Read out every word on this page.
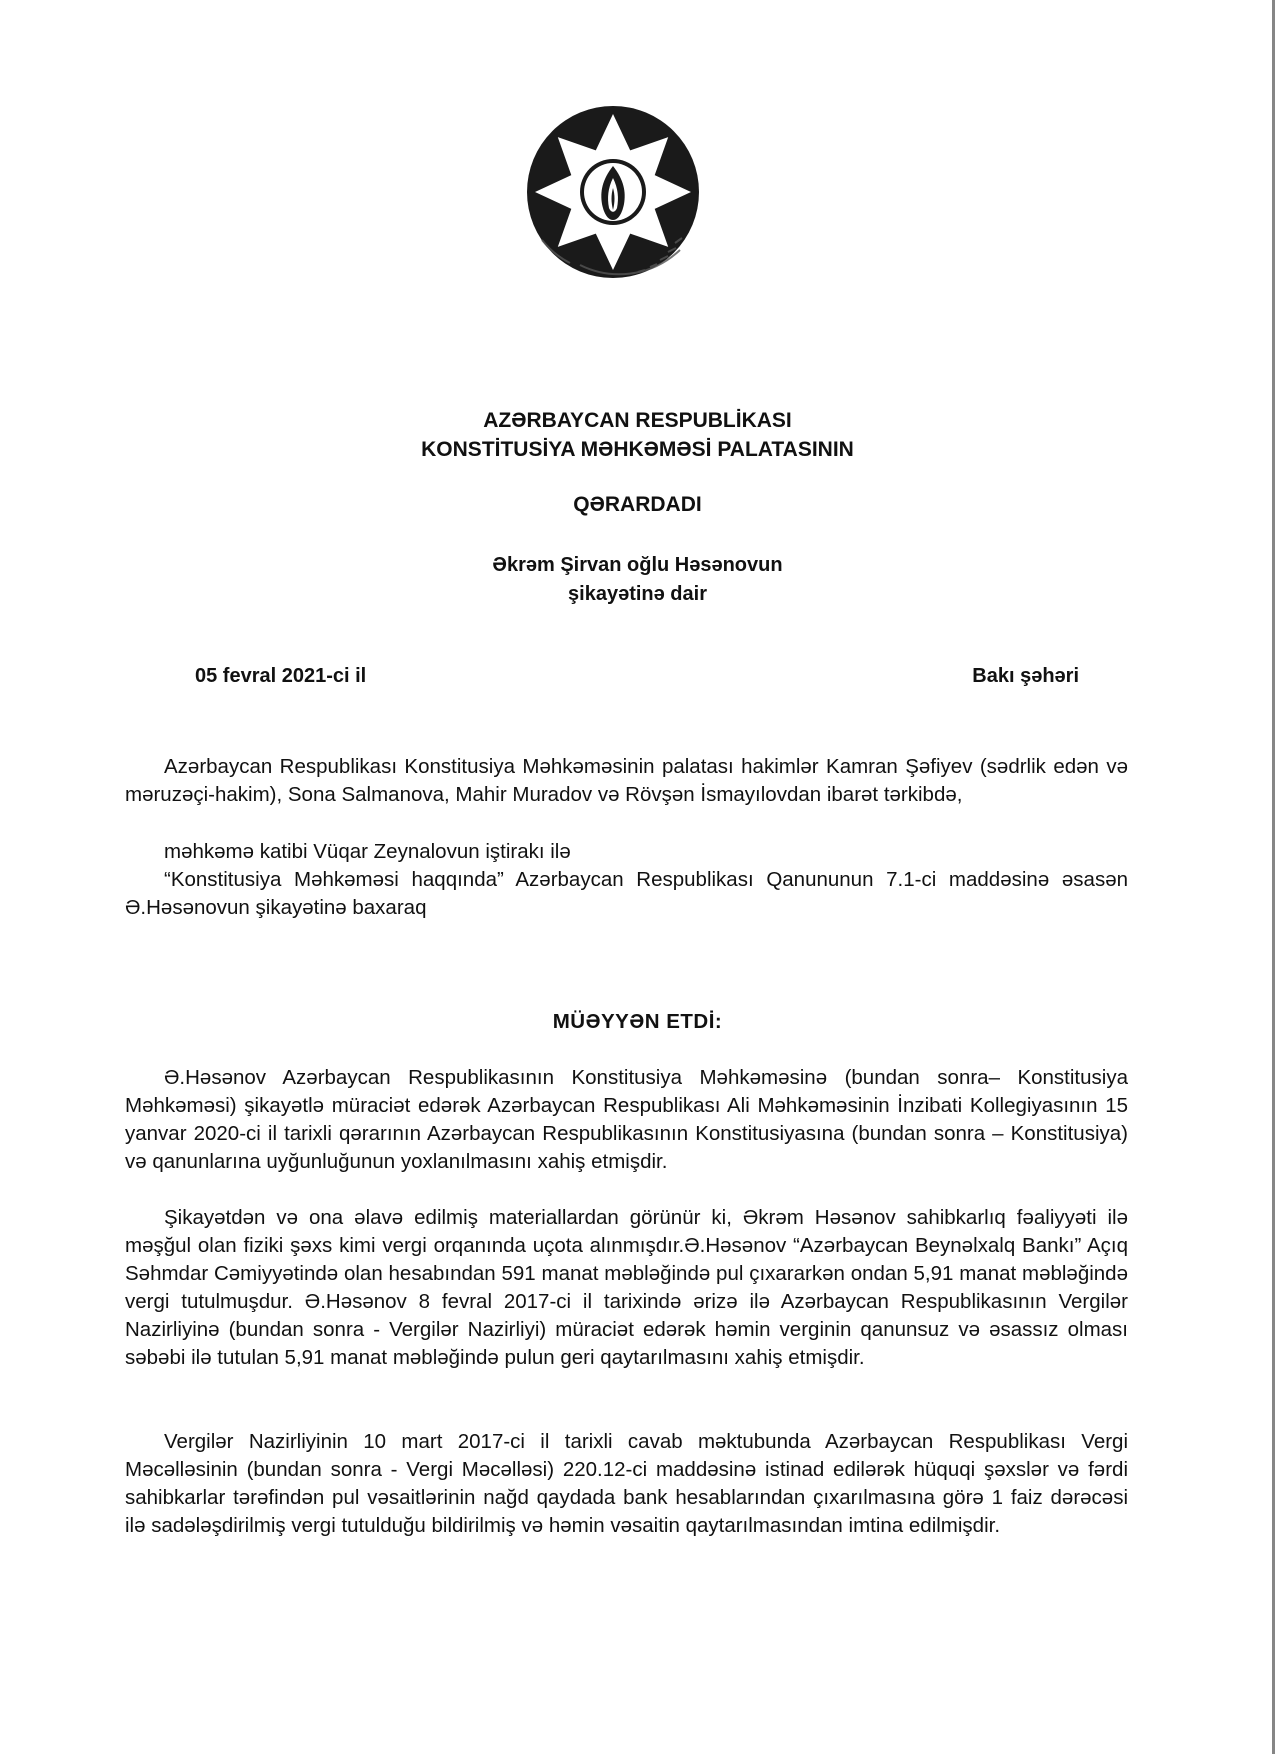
AZƏRBAYCAN RESPUBLİKASI
KONSTİTUSİYA MƏHKƏMƏSİ PALATASININ
QƏRARDADI
Əkrəm Şirvan oğlu Həsənovun
şikayətinə dair
05 fevral 2021-ci il	Bakı şəhəri

Azərbaycan Respublikası Konstitusiya Məhkəməsinin palatası hakimlər Kamran Şəfiyev (sədrlik edən və məruzəçi-hakim), Sona Salmanova, Mahir Muradov və Rövşən İsmayılovdan ibarət tərkibdə,

məhkəmə katibi Vüqar Zeynalovun iştirakı ilə

“Konstitusiya Məhkəməsi haqqında” Azərbaycan Respublikası Qanununun 7.1-ci maddəsinə əsasən Ə.Həsənovun şikayətinə baxaraq

MÜƏYYƏN ETDİ:

Ə.Həsənov Azərbaycan Respublikasının Konstitusiya Məhkəməsinə (bundan sonra– Konstitusiya Məhkəməsi) şikayətlə müraciət edərək Azərbaycan Respublikası Ali Məhkəməsinin İnzibati Kollegiyasının 15 yanvar 2020-ci il tarixli qərarının Azərbaycan Respublikasının Konstitusiyasına (bundan sonra – Konstitusiya) və qanunlarına uyğunluğunun yoxlanılmasını xahiş etmişdir.

Şikayətdən və ona əlavə edilmiş materiallardan görünür ki, Əkrəm Həsənov sahibkarlıq fəaliyyəti ilə məşğul olan fiziki şəxs kimi vergi orqanında uçota alınmışdır.Ə.Həsənov “Azərbaycan Beynəlxalq Bankı” Açıq Səhmdar Cəmiyyətində olan hesabından 591 manat məbləğində pul çıxararkən ondan 5,91 manat məbləğində vergi tutulmuşdur. Ə.Həsənov 8 fevral 2017-ci il tarixində ərizə ilə Azərbaycan Respublikasının Vergilər Nazirliyinə (bundan sonra - Vergilər Nazirliyi) müraciət edərək həmin verginin qanunsuz və əsassız olması səbəbi ilə tutulan 5,91 manat məbləğində pulun geri qaytarılmasını xahiş etmişdir.

Vergilər Nazirliyinin 10 mart 2017-ci il tarixli cavab məktubunda Azərbaycan Respublikası Vergi Məcəlləsinin (bundan sonra - Vergi Məcəlləsi) 220.12-ci maddəsinə istinad edilərək hüquqi şəxslər və fərdi sahibkarlar tərəfindən pul vəsaitlərinin nağd qaydada bank hesablarından çıxarılmasına görə 1 faiz dərəcəsi ilə sadələşdirilmiş vergi tutulduğu bildirilmiş və həmin vəsaitin qaytarılmasından imtina edilmişdir.
